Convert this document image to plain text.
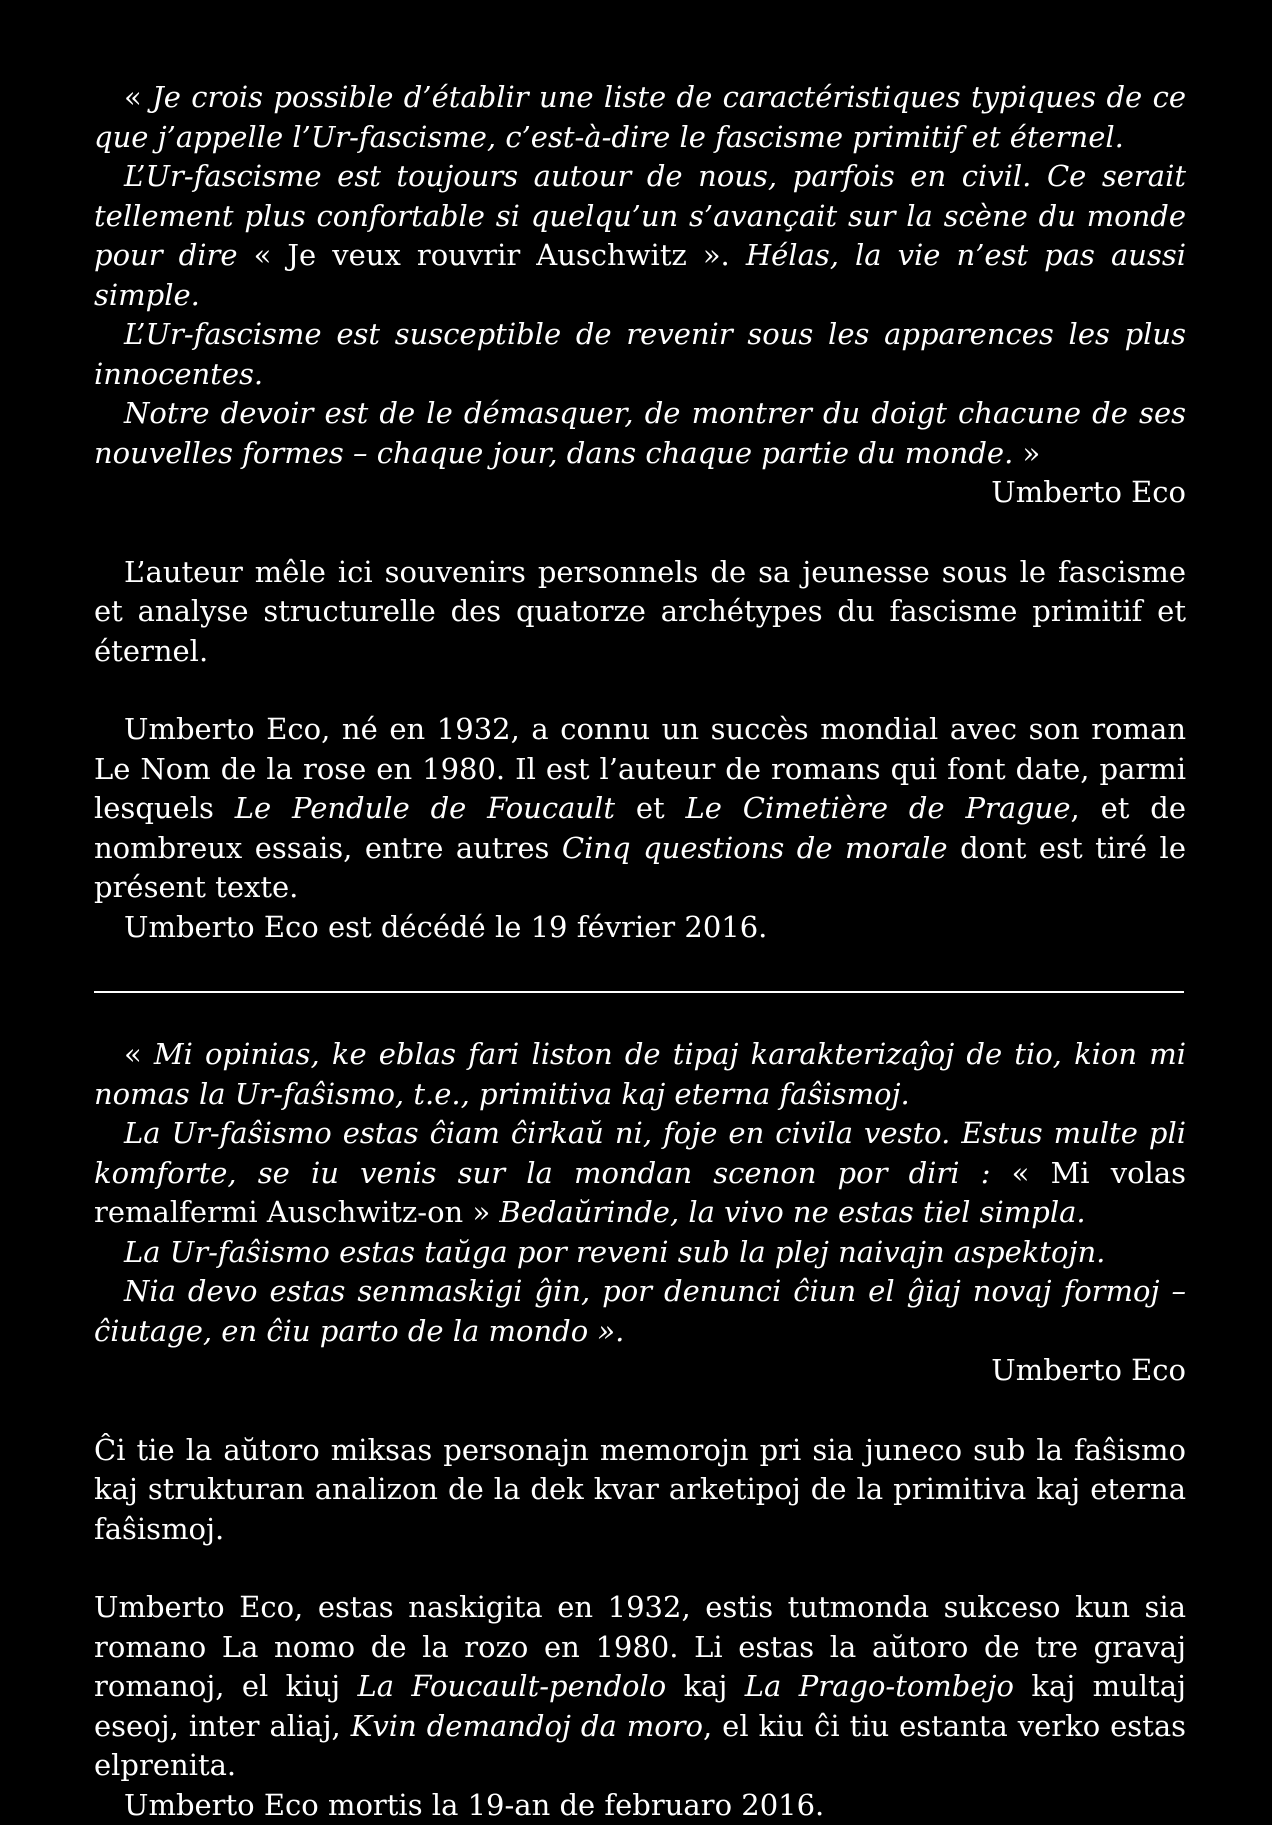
« Je crois possible d’établir une liste de caractéristiques typiques de ce que j’appelle l’Ur-fascisme, c’est-à-dire le fascisme primitif et éternel.

L’Ur-fascisme est toujours autour de nous, parfois en civil. Ce serait tellement plus confortable si quelqu’un s’avançait sur la scène du monde pour dire « Je veux rouvrir Auschwitz ». Hélas, la vie n’est pas aussi simple.

L’Ur-fascisme est susceptible de revenir sous les apparences les plus innocentes.

Notre devoir est de le démasquer, de montrer du doigt chacune de ses nouvelles formes – chaque jour, dans chaque partie du monde. »

Umberto Eco

L’auteur mêle ici souvenirs personnels de sa jeunesse sous le fascisme et analyse structurelle des quatorze archétypes du fascisme primitif et éternel.

Umberto Eco, né en 1932, a connu un succès mondial avec son roman Le Nom de la rose en 1980. Il est l’auteur de romans qui font date, parmi lesquels Le Pendule de Foucault et Le Cimetière de Prague, et de nombreux essais, entre autres Cinq questions de morale dont est tiré le présent texte.

Umberto Eco est décédé le 19 février 2016.

« Mi opinias, ke eblas fari liston de tipaj karakterizaĵoj de tio, kion mi nomas la Ur-faŝismo, t.e., primitiva kaj eterna faŝismoj.

La Ur-faŝismo estas ĉiam ĉirkaŭ ni, foje en civila vesto. Estus multe pli komforte, se iu venis sur la mondan scenon por diri : « Mi volas remalfermi Auschwitz-on » Bedaŭrinde, la vivo ne estas tiel simpla.

La Ur-faŝismo estas taŭga por reveni sub la plej naivajn aspektojn.

Nia devo estas senmaskigi ĝin, por denunci ĉiun el ĝiaj novaj formoj – ĉiutage, en ĉiu parto de la mondo ».

Umberto Eco

Ĉi tie la aŭtoro miksas personajn memorojn pri sia juneco sub la faŝismo kaj strukturan analizon de la dek kvar arketipoj de la primitiva kaj eterna faŝismoj.

Umberto Eco, estas naskigita en 1932, estis tutmonda sukceso kun sia romano La nomo de la rozo en 1980. Li estas la aŭtoro de tre gravaj romanoj, el kiuj La Foucault-pendolo kaj La Prago-tombejo kaj multaj eseoj, inter aliaj, Kvin demandoj da moro, el kiu ĉi tiu estanta verko estas elprenita.

Umberto Eco mortis la 19-an de februaro 2016.
